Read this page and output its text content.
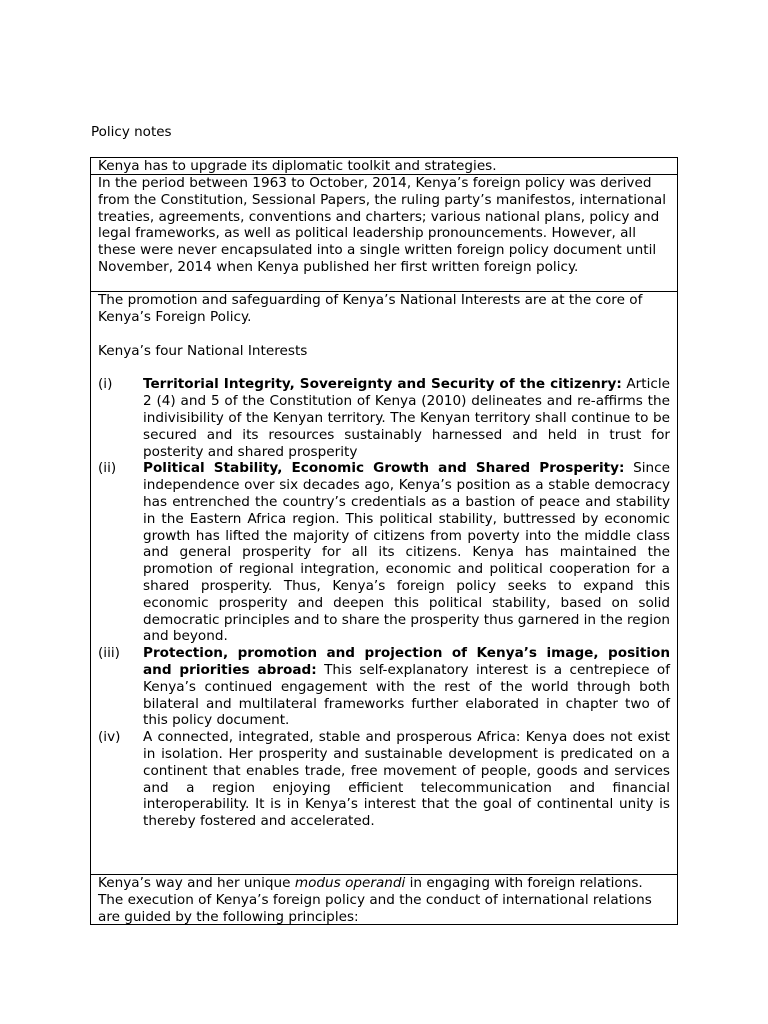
Policy notes

Kenya has to upgrade its diplomatic toolkit and strategies.

In the period between 1963 to October, 2014, Kenya’s foreign policy was derived from the Constitution, Sessional Papers, the ruling party’s manifestos, international treaties, agreements, conventions and charters; various national plans, policy and legal frameworks, as well as political leadership pronouncements. However, all these were never encapsulated into a single written foreign policy document until November, 2014 when Kenya published her first written foreign policy.

The promotion and safeguarding of Kenya’s National Interests are at the core of Kenya’s Foreign Policy.

Kenya’s four National Interests

(i)	Territorial Integrity, Sovereignty and Security of the citizenry: Article 2 (4) and 5 of the Constitution of Kenya (2010) delineates and re-affirms the indivisibility of the Kenyan territory. The Kenyan territory shall continue to be secured and its resources sustainably harnessed and held in trust for posterity and shared prosperity
(ii)	Political Stability, Economic Growth and Shared Prosperity: Since independence over six decades ago, Kenya’s position as a stable democracy has entrenched the country’s credentials as a bastion of peace and stability in the Eastern Africa region. This political stability, buttressed by economic growth has lifted the majority of citizens from poverty into the middle class and general prosperity for all its citizens. Kenya has maintained the promotion of regional integration, economic and political cooperation for a shared prosperity. Thus, Kenya’s foreign policy seeks to expand this economic prosperity and deepen this political stability, based on solid democratic principles and to share the prosperity thus garnered in the region and beyond.
(iii)	Protection, promotion and projection of Kenya’s image, position and priorities abroad: This self-explanatory interest is a centrepiece of Kenya’s continued engagement with the rest of the world through both bilateral and multilateral frameworks further elaborated in chapter two of this policy document.
(iv)	A connected, integrated, stable and prosperous Africa: Kenya does not exist in isolation. Her prosperity and sustainable development is predicated on a continent that enables trade, free movement of people, goods and services and a region enjoying efficient telecommunication and financial interoperability. It is in Kenya’s interest that the goal of continental unity is thereby fostered and accelerated.

Kenya’s way and her unique modus operandi in engaging with foreign relations.

The execution of Kenya’s foreign policy and the conduct of international relations are guided by the following principles:
